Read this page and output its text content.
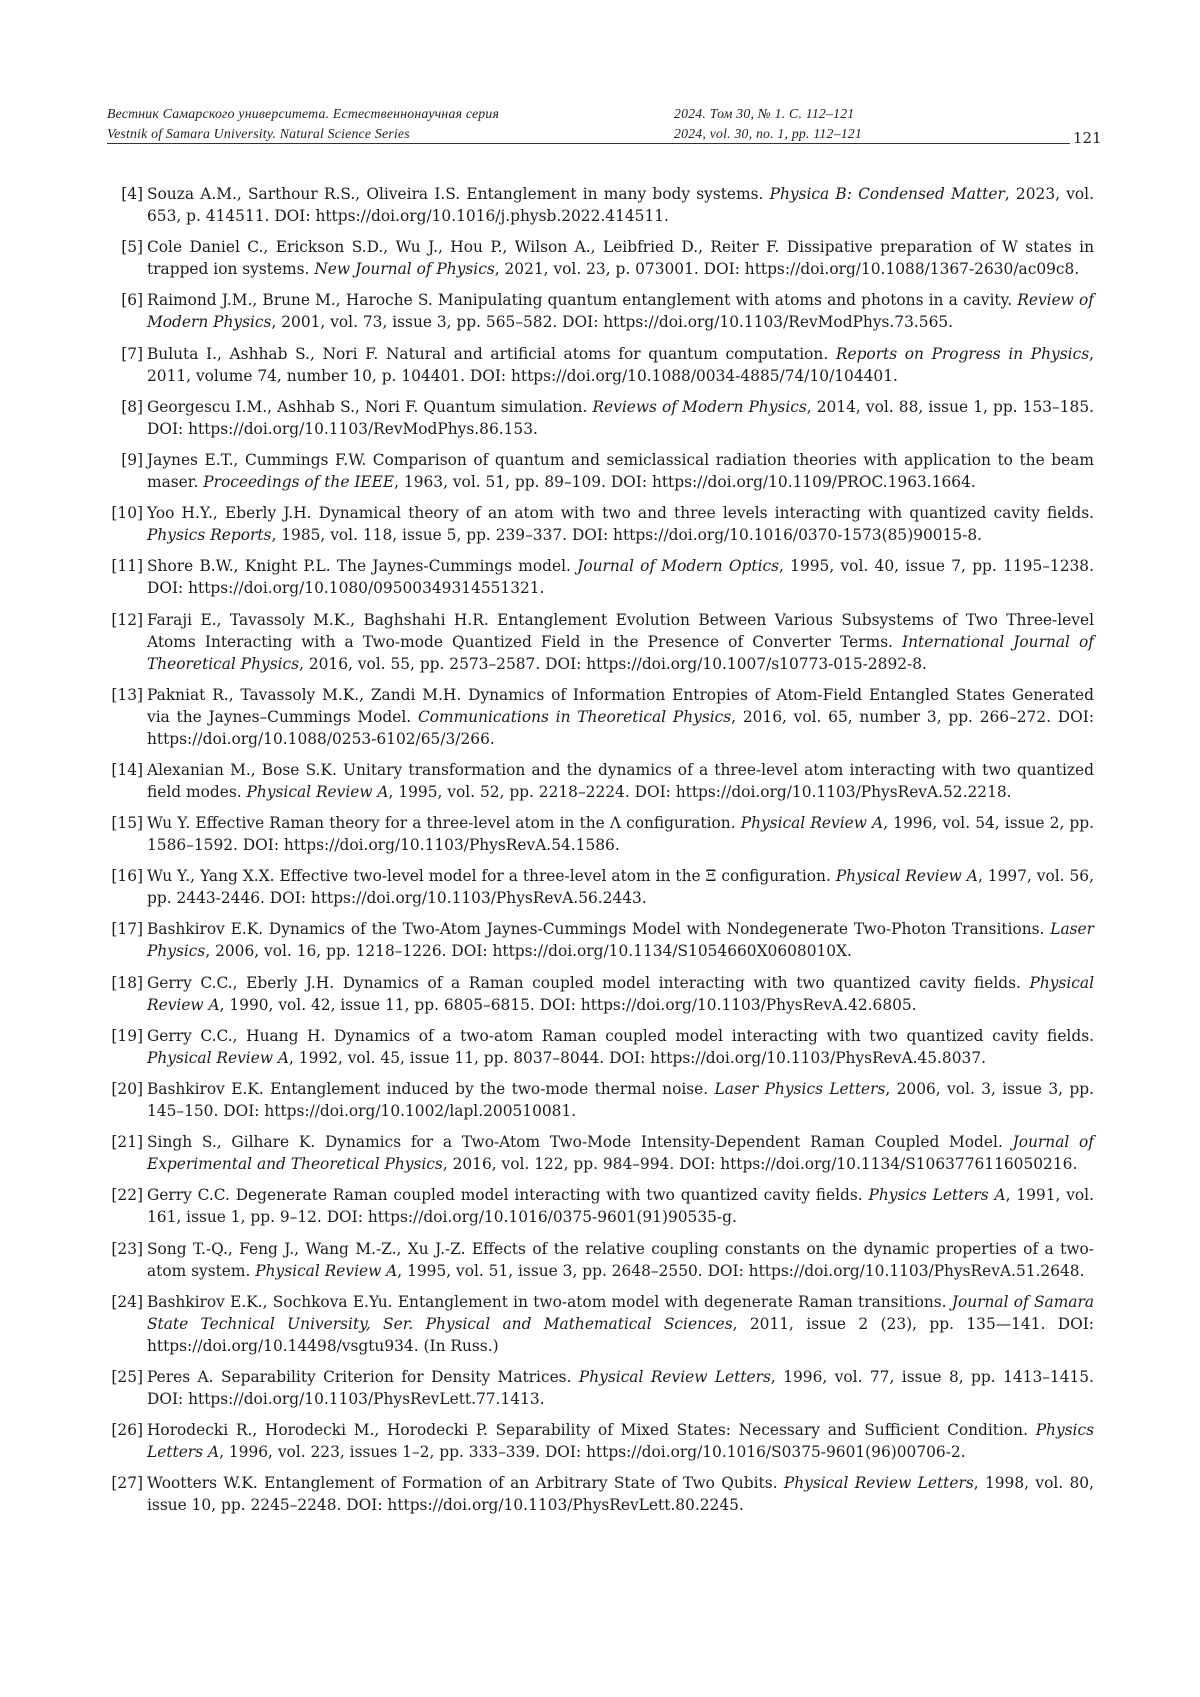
Вестник Самарского университета. Естественнонаучная серия	2024. Том 30, № 1. С. 112–121
Vestnik of Samara University. Natural Science Series	2024, vol. 30, no. 1, pp. 112–121	121
[4] Souza A.M., Sarthour R.S., Oliveira I.S. Entanglement in many body systems. Physica B: Condensed Matter, 2023, vol. 653, p. 414511. DOI: https://doi.org/10.1016/j.physb.2022.414511.
[5] Cole Daniel C., Erickson S.D., Wu J., Hou P., Wilson A., Leibfried D., Reiter F. Dissipative preparation of W states in trapped ion systems. New Journal of Physics, 2021, vol. 23, p. 073001. DOI: https://doi.org/10.1088/1367-2630/ac09c8.
[6] Raimond J.M., Brune M., Haroche S. Manipulating quantum entanglement with atoms and photons in a cavity. Review of Modern Physics, 2001, vol. 73, issue 3, pp. 565–582. DOI: https://doi.org/10.1103/RevModPhys.73.565.
[7] Buluta I., Ashhab S., Nori F. Natural and artificial atoms for quantum computation. Reports on Progress in Physics, 2011, volume 74, number 10, p. 104401. DOI: https://doi.org/10.1088/0034-4885/74/10/104401.
[8] Georgescu I.M., Ashhab S., Nori F. Quantum simulation. Reviews of Modern Physics, 2014, vol. 88, issue 1, pp. 153–185. DOI: https://doi.org/10.1103/RevModPhys.86.153.
[9] Jaynes E.T., Cummings F.W. Comparison of quantum and semiclassical radiation theories with application to the beam maser. Proceedings of the IEEE, 1963, vol. 51, pp. 89–109. DOI: https://doi.org/10.1109/PROC.1963.1664.
[10] Yoo H.Y., Eberly J.H. Dynamical theory of an atom with two and three levels interacting with quantized cavity fields. Physics Reports, 1985, vol. 118, issue 5, pp. 239–337. DOI: https://doi.org/10.1016/0370-1573(85)90015-8.
[11] Shore B.W., Knight P.L. The Jaynes-Cummings model. Journal of Modern Optics, 1995, vol. 40, issue 7, pp. 1195–1238. DOI: https://doi.org/10.1080/09500349314551321.
[12] Faraji E., Tavassoly M.K., Baghshahi H.R. Entanglement Evolution Between Various Subsystems of Two Three-level Atoms Interacting with a Two-mode Quantized Field in the Presence of Converter Terms. International Journal of Theoretical Physics, 2016, vol. 55, pp. 2573–2587. DOI: https://doi.org/10.1007/s10773-015-2892-8.
[13] Pakniat R., Tavassoly M.K., Zandi M.H. Dynamics of Information Entropies of Atom-Field Entangled States Generated via the Jaynes–Cummings Model. Communications in Theoretical Physics, 2016, vol. 65, number 3, pp. 266–272. DOI: https://doi.org/10.1088/0253-6102/65/3/266.
[14] Alexanian M., Bose S.K. Unitary transformation and the dynamics of a three-level atom interacting with two quantized field modes. Physical Review A, 1995, vol. 52, pp. 2218–2224. DOI: https://doi.org/10.1103/PhysRevA.52.2218.
[15] Wu Y. Effective Raman theory for a three-level atom in the Λ configuration. Physical Review A, 1996, vol. 54, issue 2, pp. 1586–1592. DOI: https://doi.org/10.1103/PhysRevA.54.1586.
[16] Wu Y., Yang X.X. Effective two-level model for a three-level atom in the Ξ configuration. Physical Review A, 1997, vol. 56, pp. 2443-2446. DOI: https://doi.org/10.1103/PhysRevA.56.2443.
[17] Bashkirov E.K. Dynamics of the Two-Atom Jaynes-Cummings Model with Nondegenerate Two-Photon Transitions. Laser Physics, 2006, vol. 16, pp. 1218–1226. DOI: https://doi.org/10.1134/S1054660X0608010X.
[18] Gerry C.C., Eberly J.H. Dynamics of a Raman coupled model interacting with two quantized cavity fields. Physical Review A, 1990, vol. 42, issue 11, pp. 6805–6815. DOI: https://doi.org/10.1103/PhysRevA.42.6805.
[19] Gerry C.C., Huang H. Dynamics of a two-atom Raman coupled model interacting with two quantized cavity fields. Physical Review A, 1992, vol. 45, issue 11, pp. 8037–8044. DOI: https://doi.org/10.1103/PhysRevA.45.8037.
[20] Bashkirov E.K. Entanglement induced by the two-mode thermal noise. Laser Physics Letters, 2006, vol. 3, issue 3, pp. 145–150. DOI: https://doi.org/10.1002/lapl.200510081.
[21] Singh S., Gilhare K. Dynamics for a Two-Atom Two-Mode Intensity-Dependent Raman Coupled Model. Journal of Experimental and Theoretical Physics, 2016, vol. 122, pp. 984–994. DOI: https://doi.org/10.1134/S1063776116050216.
[22] Gerry C.C. Degenerate Raman coupled model interacting with two quantized cavity fields. Physics Letters A, 1991, vol. 161, issue 1, pp. 9–12. DOI: https://doi.org/10.1016/0375-9601(91)90535-g.
[23] Song T.-Q., Feng J., Wang M.-Z., Xu J.-Z. Effects of the relative coupling constants on the dynamic properties of a two-atom system. Physical Review A, 1995, vol. 51, issue 3, pp. 2648–2550. DOI: https://doi.org/10.1103/PhysRevA.51.2648.
[24] Bashkirov E.K., Sochkova E.Yu. Entanglement in two-atom model with degenerate Raman transitions. Journal of Samara State Technical University, Ser. Physical and Mathematical Sciences, 2011, issue 2 (23), pp. 135—141. DOI: https://doi.org/10.14498/vsgtu934. (In Russ.)
[25] Peres A. Separability Criterion for Density Matrices. Physical Review Letters, 1996, vol. 77, issue 8, pp. 1413–1415. DOI: https://doi.org/10.1103/PhysRevLett.77.1413.
[26] Horodecki R., Horodecki M., Horodecki P. Separability of Mixed States: Necessary and Sufficient Condition. Physics Letters A, 1996, vol. 223, issues 1–2, pp. 333–339. DOI: https://doi.org/10.1016/S0375-9601(96)00706-2.
[27] Wootters W.K. Entanglement of Formation of an Arbitrary State of Two Qubits. Physical Review Letters, 1998, vol. 80, issue 10, pp. 2245–2248. DOI: https://doi.org/10.1103/PhysRevLett.80.2245.
